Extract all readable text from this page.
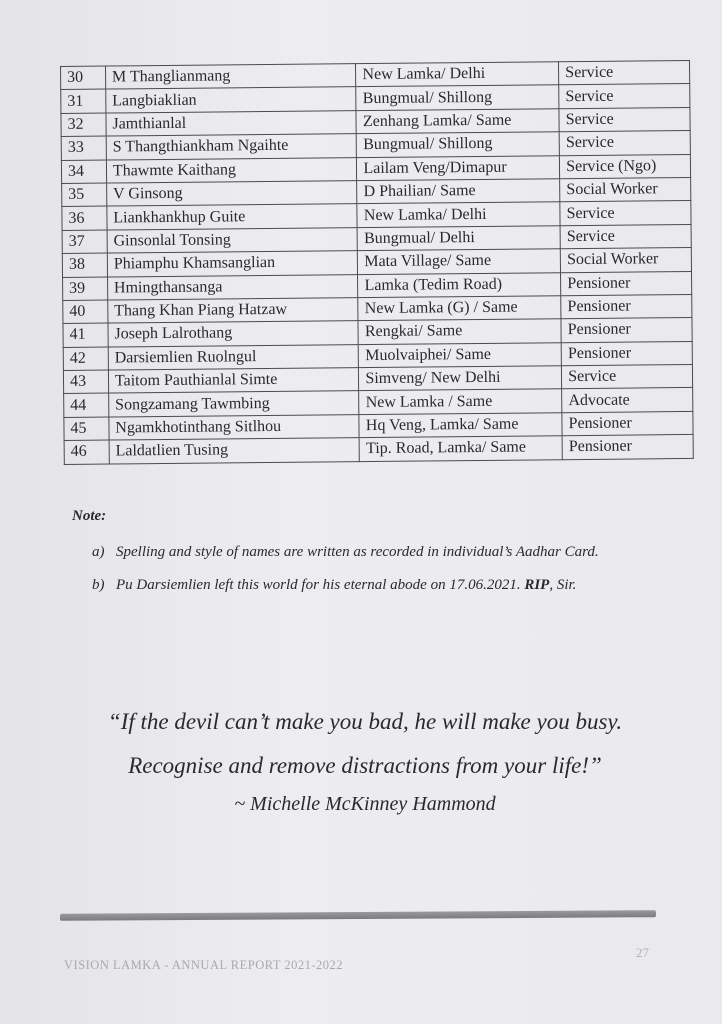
30	M Thanglianmang	New Lamka/ Delhi	Service
31	Langbiaklian	Bungmual/ Shillong	Service
32	Jamthianlal	Zenhang Lamka/ Same	Service
33	S Thangthiankham Ngaihte	Bungmual/ Shillong	Service
34	Thawmte Kaithang	Lailam Veng/Dimapur	Service (Ngo)
35	V Ginsong	D Phailian/ Same	Social Worker
36	Liankhankhup Guite	New Lamka/ Delhi	Service
37	Ginsonlal Tonsing	Bungmual/ Delhi	Service
38	Phiamphu Khamsanglian	Mata Village/ Same	Social Worker
39	Hmingthansanga	Lamka (Tedim Road)	Pensioner
40	Thang Khan Piang Hatzaw	New Lamka (G) / Same	Pensioner
41	Joseph Lalrothang	Rengkai/ Same	Pensioner
42	Darsiemlien Ruolngul	Muolvaiphei/ Same	Pensioner
43	Taitom Pauthianlal Simte	Simveng/ New Delhi	Service
44	Songzamang Tawmbing	New Lamka / Same	Advocate
45	Ngamkhotinthang Sitlhou	Hq Veng, Lamka/ Same	Pensioner
46	Laldatlien Tusing	Tip. Road, Lamka/ Same	Pensioner
Note:
a) Spelling and style of names are written as recorded in individual’s Aadhar Card.
b) Pu Darsiemlien left this world for his eternal abode on 17.06.2021. RIP, Sir.
“If the devil can’t make you bad, he will make you busy.
Recognise and remove distractions from your life!”
~ Michelle McKinney Hammond
VISION LAMKA - ANNUAL REPORT 2021-2022
27
